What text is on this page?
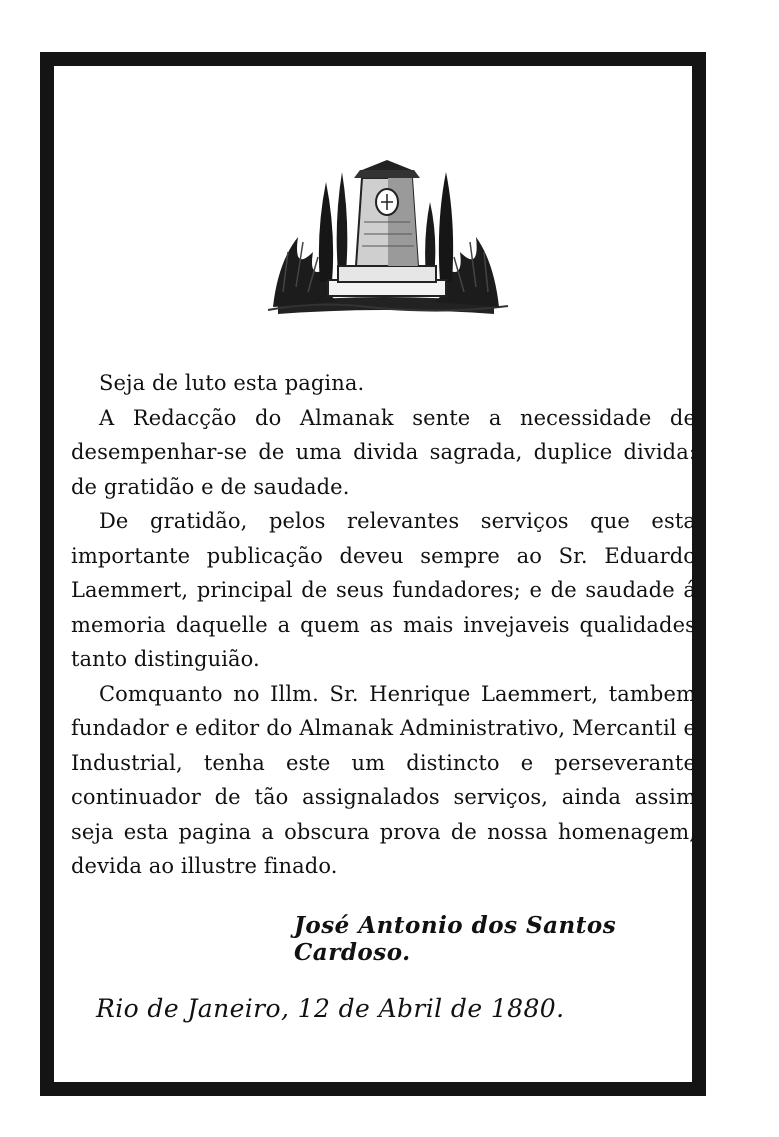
Seja de luto esta pagina.

A Redacção do Almanak sente a necessidade de desempenhar-se de uma divida sagrada, duplice divida: de gratidão e de saudade.

De gratidão, pelos relevantes serviços que esta importante publicação deveu sempre ao Sr. Eduardo Laemmert, principal de seus fundadores; e de saudade á memoria daquelle a quem as mais invejaveis qualidades tanto distinguião.

Comquanto no Illm. Sr. Henrique Laemmert, tambem fundador e editor do Almanak Administrativo, Mercantil e Industrial, tenha este um distincto e perseverante continuador de tão assignalados serviços, ainda assim seja esta pagina a obscura prova de nossa homenagem, devida ao illustre finado.

José Antonio dos Santos Cardoso.
Rio de Janeiro, 12 de Abril de 1880.
